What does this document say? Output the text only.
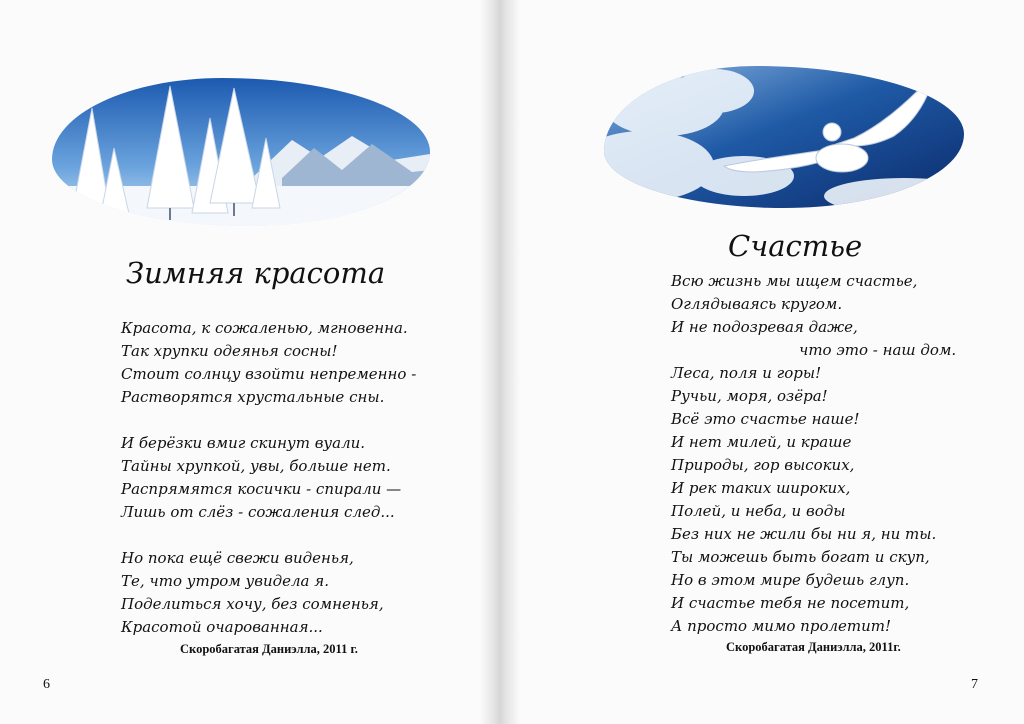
Зимняя красота
Красота, к сожаленью, мгновенна.
Так хрупки одеянья сосны!
Стоит солнцу взойти непременно -
Растворятся хрустальные сны.
И берёзки вмиг скинут вуали.
Тайны хрупкой, увы, больше нет.
Распрямятся косички - спирали —
Лишь от слёз - сожаления след...
Но пока ещё свежи виденья,
Те, что утром увидела я.
Поделиться хочу, без сомненья,
Красотой очарованная...
Скоробагатая Даниэлла, 2011 г.
6
Счастье
Всю жизнь мы ищем счастье,
Оглядываясь кругом.
И не подозревая даже,
что это - наш дом.
Леса, поля и горы!
Ручьи, моря, озёра!
Всё это счастье наше!
И нет милей, и краше
Природы, гор высоких,
И рек таких широких,
Полей, и неба, и воды
Без них не жили бы ни я, ни ты.
Ты можешь быть богат и скуп,
Но в этом мире будешь глуп.
И счастье тебя не посетит,
А просто мимо пролетит!
Скоробагатая Даниэлла, 2011г.
7
